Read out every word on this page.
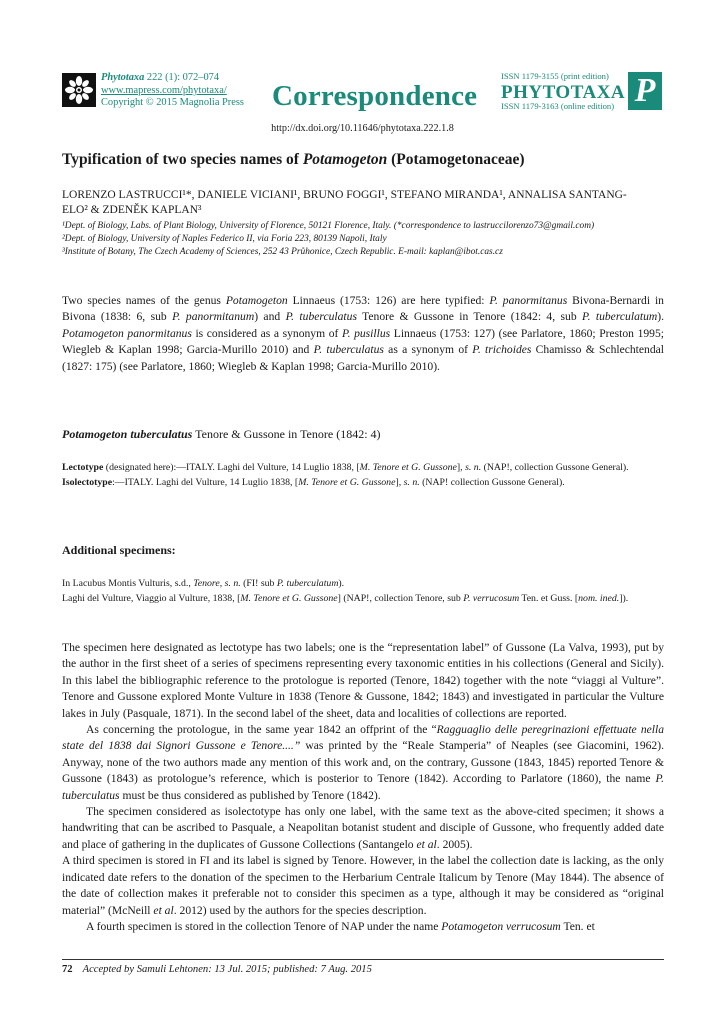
Phytotaxa 222 (1): 072–074
www.mapress.com/phytotaxa/
Copyright © 2015 Magnolia Press Correspondence
ISSN 1179-3155 (print edition)
PHYTOTAXA
ISSN 1179-3163 (online edition) P
http://dx.doi.org/10.11646/phytotaxa.222.1.8
Typification of two species names of Potamogeton (Potamogetonaceae)
LORENZO LASTRUCCI¹*, DANIELE VICIANI¹, BRUNO FOGGI¹, STEFANO MIRANDA¹, ANNALISA SANTANG-
ELO² & ZDENĚK KAPLAN³
¹Dept. of Biology, Labs. of Plant Biology, University of Florence, 50121 Florence, Italy. (*correspondence to lastruccilorenzo73@gmail.com)
²Dept. of Biology, University of Naples Federico II, via Foria 223, 80139 Napoli, Italy
³Institute of Botany, The Czech Academy of Sciences, 252 43 Průhonice, Czech Republic. E-mail: kaplan@ibot.cas.cz

Two species names of the genus Potamogeton Linnaeus (1753: 126) are here typified: P. panormitanus Bivona-Bernardi in Bivona (1838: 6, sub P. panormitanum) and P. tuberculatus Tenore & Gussone in Tenore (1842: 4, sub P. tuberculatum). Potamogeton panormitanus is considered as a synonym of P. pusillus Linnaeus (1753: 127) (see Parlatore, 1860; Preston 1995; Wiegleb & Kaplan 1998; Garcia-Murillo 2010) and P. tuberculatus as a synonym of P. trichoides Chamisso & Schlechtendal (1827: 175) (see Parlatore, 1860; Wiegleb & Kaplan 1998; Garcia-Murillo 2010).

Potamogeton tuberculatus Tenore & Gussone in Tenore (1842: 4)

Lectotype (designated here):—ITALY. Laghi del Vulture, 14 Luglio 1838, [M. Tenore et G. Gussone], s. n. (NAP!, collection Gussone General).

Isolectotype:—ITALY. Laghi del Vulture, 14 Luglio 1838, [M. Tenore et G. Gussone], s. n. (NAP! collection Gussone General).

Additional specimens:

In Lacubus Montis Vulturis, s.d., Tenore, s. n. (FI! sub P. tuberculatum).

Laghi del Vulture, Viaggio al Vulture, 1838, [M. Tenore et G. Gussone] (NAP!, collection Tenore, sub P. verrucosum Ten. et Guss. [nom. ined.]).

The specimen here designated as lectotype has two labels; one is the “representation label” of Gussone (La Valva, 1993), put by the author in the first sheet of a series of specimens representing every taxonomic entities in his collections (General and Sicily). In this label the bibliographic reference to the protologue is reported (Tenore, 1842) together with the note “viaggi al Vulture”. Tenore and Gussone explored Monte Vulture in 1838 (Tenore & Gussone, 1842; 1843) and investigated in particular the Vulture lakes in July (Pasquale, 1871). In the second label of the sheet, data and localities of collections are reported.

As concerning the protologue, in the same year 1842 an offprint of the “Ragguaglio delle peregrinazioni effettuate nella state del 1838 dai Signori Gussone e Tenore....” was printed by the “Reale Stamperia” of Neaples (see Giacomini, 1962). Anyway, none of the two authors made any mention of this work and, on the contrary, Gussone (1843, 1845) reported Tenore & Gussone (1843) as protologue’s reference, which is posterior to Tenore (1842). According to Parlatore (1860), the name P. tuberculatus must be thus considered as published by Tenore (1842).

The specimen considered as isolectotype has only one label, with the same text as the above-cited specimen; it shows a handwriting that can be ascribed to Pasquale, a Neapolitan botanist student and disciple of Gussone, who frequently added date and place of gathering in the duplicates of Gussone Collections (Santangelo et al. 2005).

A third specimen is stored in FI and its label is signed by Tenore. However, in the label the collection date is lacking, as the only indicated date refers to the donation of the specimen to the Herbarium Centrale Italicum by Tenore (May 1844). The absence of the date of collection makes it preferable not to consider this specimen as a type, although it may be considered as “original material” (McNeill et al. 2012) used by the authors for the species description.

A fourth specimen is stored in the collection Tenore of NAP under the name Potamogeton verrucosum Ten. et

72 Accepted by Samuli Lehtonen: 13 Jul. 2015; published: 7 Aug. 2015
